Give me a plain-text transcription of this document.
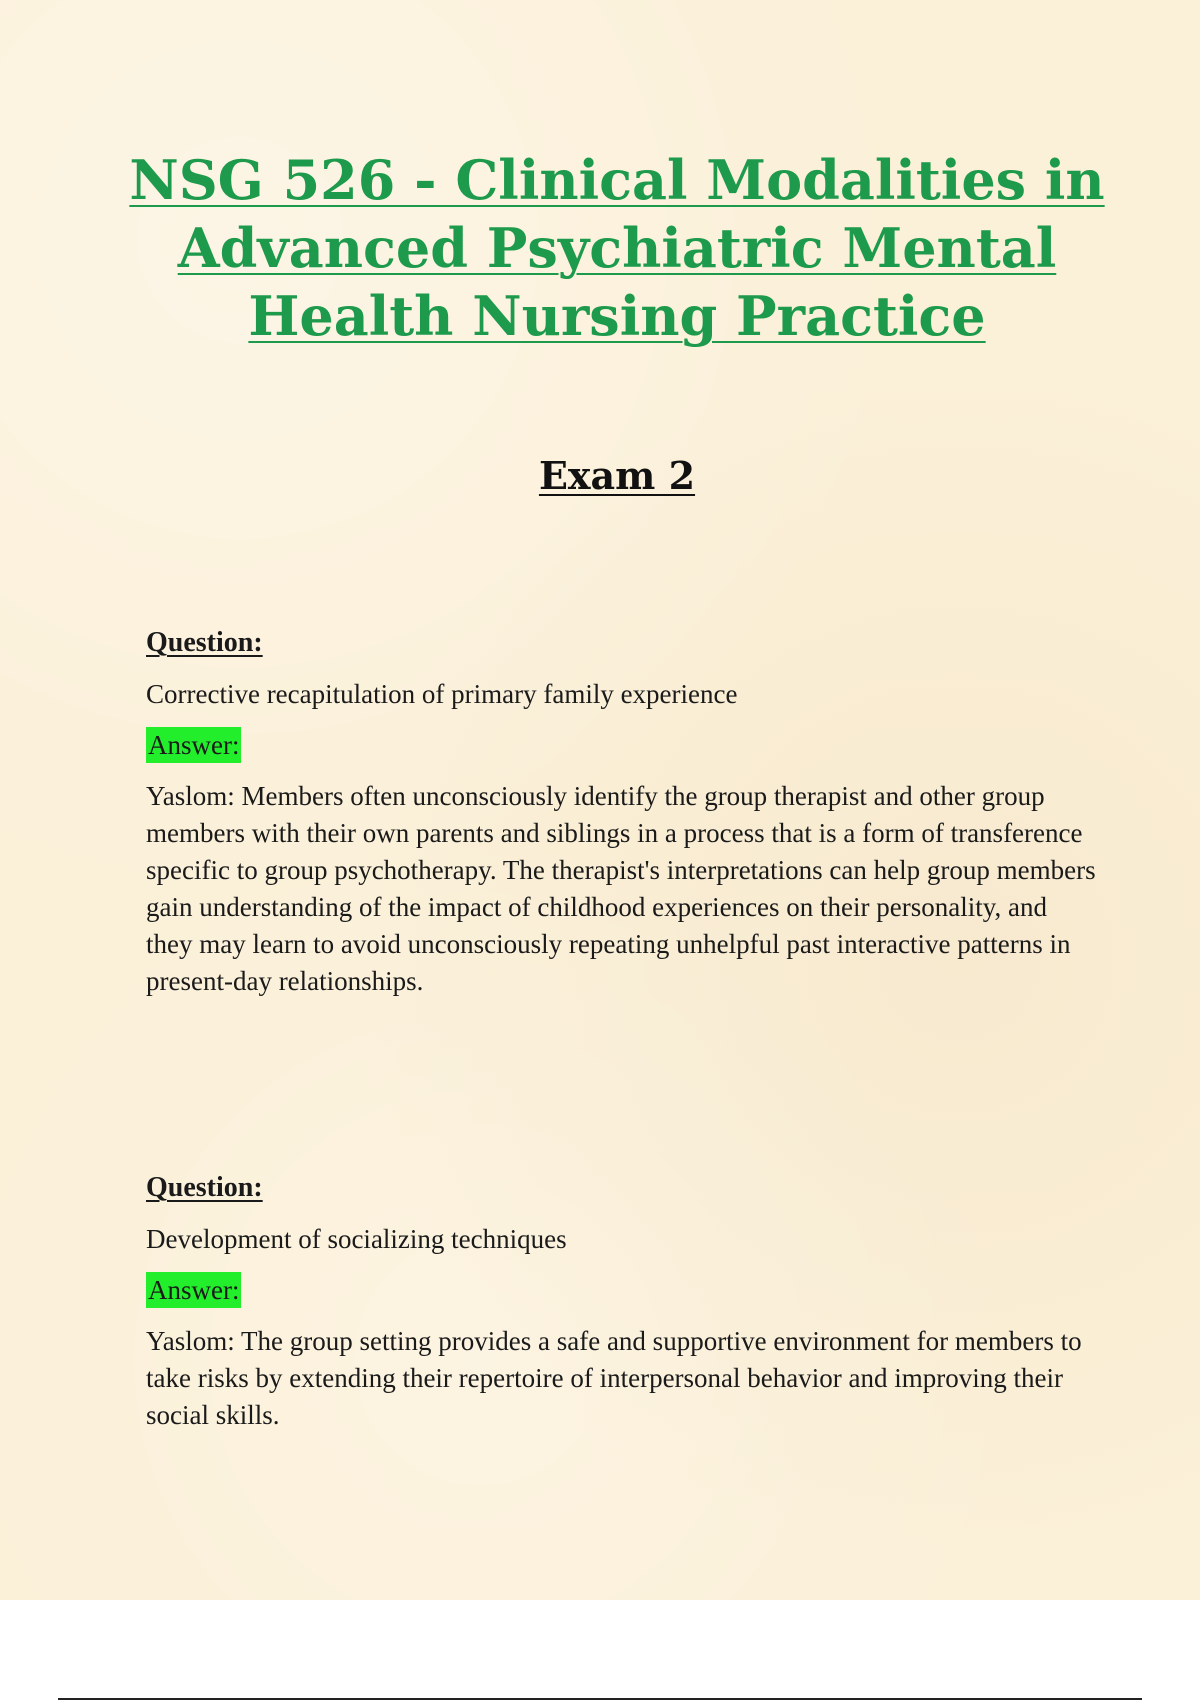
NSG 526 - Clinical Modalities in
Advanced Psychiatric Mental
Health Nursing Practice
Exam 2

Question:

Corrective recapitulation of primary family experience

Answer:

Yaslom: Members often unconsciously identify the group therapist and other group members with their own parents and siblings in a process that is a form of transference specific to group psychotherapy. The therapist's interpretations can help group members gain understanding of the impact of childhood experiences on their personality, and they may learn to avoid unconsciously repeating unhelpful past interactive patterns in present-day relationships.

Question:

Development of socializing techniques

Answer:

Yaslom: The group setting provides a safe and supportive environment for members to take risks by extending their repertoire of interpersonal behavior and improving their social skills.
